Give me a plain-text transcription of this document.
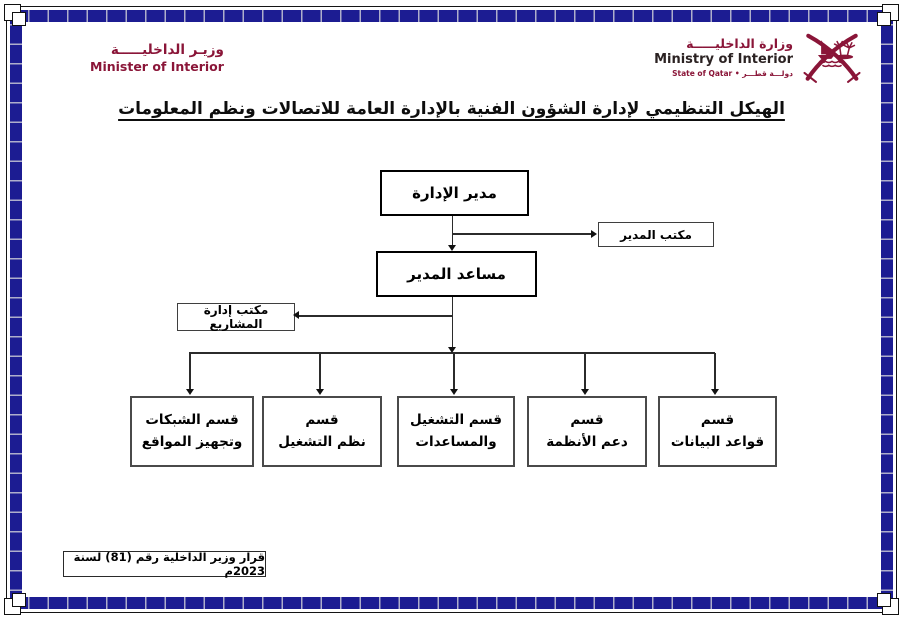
وزيـر الداخليـــــة
Minister of Interior
وزارة الداخليـــــة
Ministry of Interior
State of Qatar • دولـــة قطـــر
الهيكل التنظيمي لإدارة الشؤون الفنية بالإدارة العامة للاتصالات ونظم المعلومات
مدير الإدارة
مكتب المدير
مساعد المدير
مكتب إدارة المشاريع
قسم الشبكات
وتجهيز المواقع
قسم
نظم التشغيل
قسم التشغيل
والمساعدات
قسم
دعم الأنظمة
قسم
قواعد البيانات
قرار وزير الداخلية رقم (81) لسنة 2023م
